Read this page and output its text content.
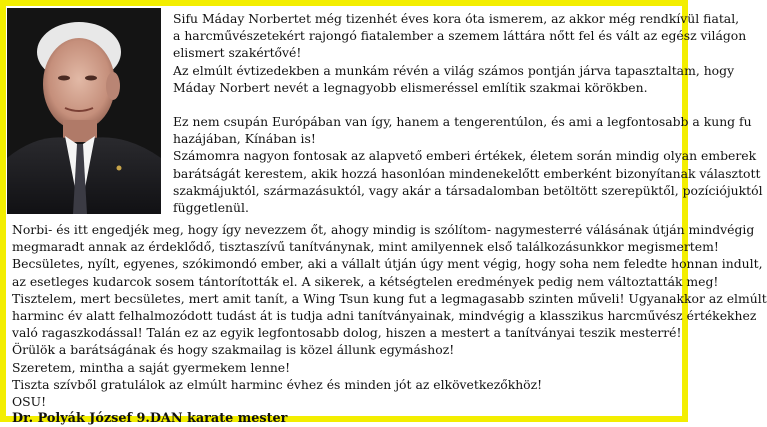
Sifu Máday Norbertet még tizenhét éves kora óta ismerem, az akkor még rendkívül fiatal,

a harcművészetekért rajongó fiatalember a szemem láttára nőtt fel és vált az egész világon

elismert szakértővé!

Az elmúlt évtizedekben a munkám révén a világ számos pontján járva tapasztaltam, hogy

Máday Norbert nevét a legnagyobb elismeréssel említik szakmai körökben.

Ez nem csupán Európában van így, hanem a tengerentúlon, és ami a legfontosabb a kung fu

hazájában, Kínában is!

Számomra nagyon fontosak az alapvető emberi értékek, életem során mindig olyan emberek

barátságát kerestem, akik hozzá hasonlóan mindenekelőtt emberként bizonyítanak választott

szakmájuktól, származásuktól, vagy akár a társadalomban betöltött szerepüktől, pozíciójuktól

függetlenül.

Norbi- és itt engedjék meg, hogy így nevezzem őt, ahogy mindig is szólítom- nagymesterré válásának útján mindvégig

megmaradt annak az érdeklődő, tisztaszívű tanítványnak, mint amilyennek első találkozásunkkor megismertem!

Becsületes, nyílt, egyenes, szókimondó ember, aki a vállalt útján úgy ment végig, hogy soha nem feledte honnan indult,

az esetleges kudarcok sosem tántorították el. A sikerek, a kétségtelen eredmények pedig nem változtatták meg!

Tisztelem, mert becsületes, mert amit tanít, a Wing Tsun kung fut a legmagasabb szinten műveli! Ugyanakkor az elmúlt

harminc év alatt felhalmozódott tudást át is tudja adni tanítványainak, mindvégig a klasszikus harcművész értékekhez

való ragaszkodással! Talán ez az egyik legfontosabb dolog, hiszen a mestert a tanítványai teszik mesterré!

Örülök a barátságának és hogy szakmailag is közel állunk egymáshoz!

Szeretem, mintha a saját gyermekem lenne!

Tiszta szívből gratulálok az elmúlt harminc évhez és minden jót az elkövetkezőkhöz!

OSU!

Dr. Polyák József 9.DAN karate mester
